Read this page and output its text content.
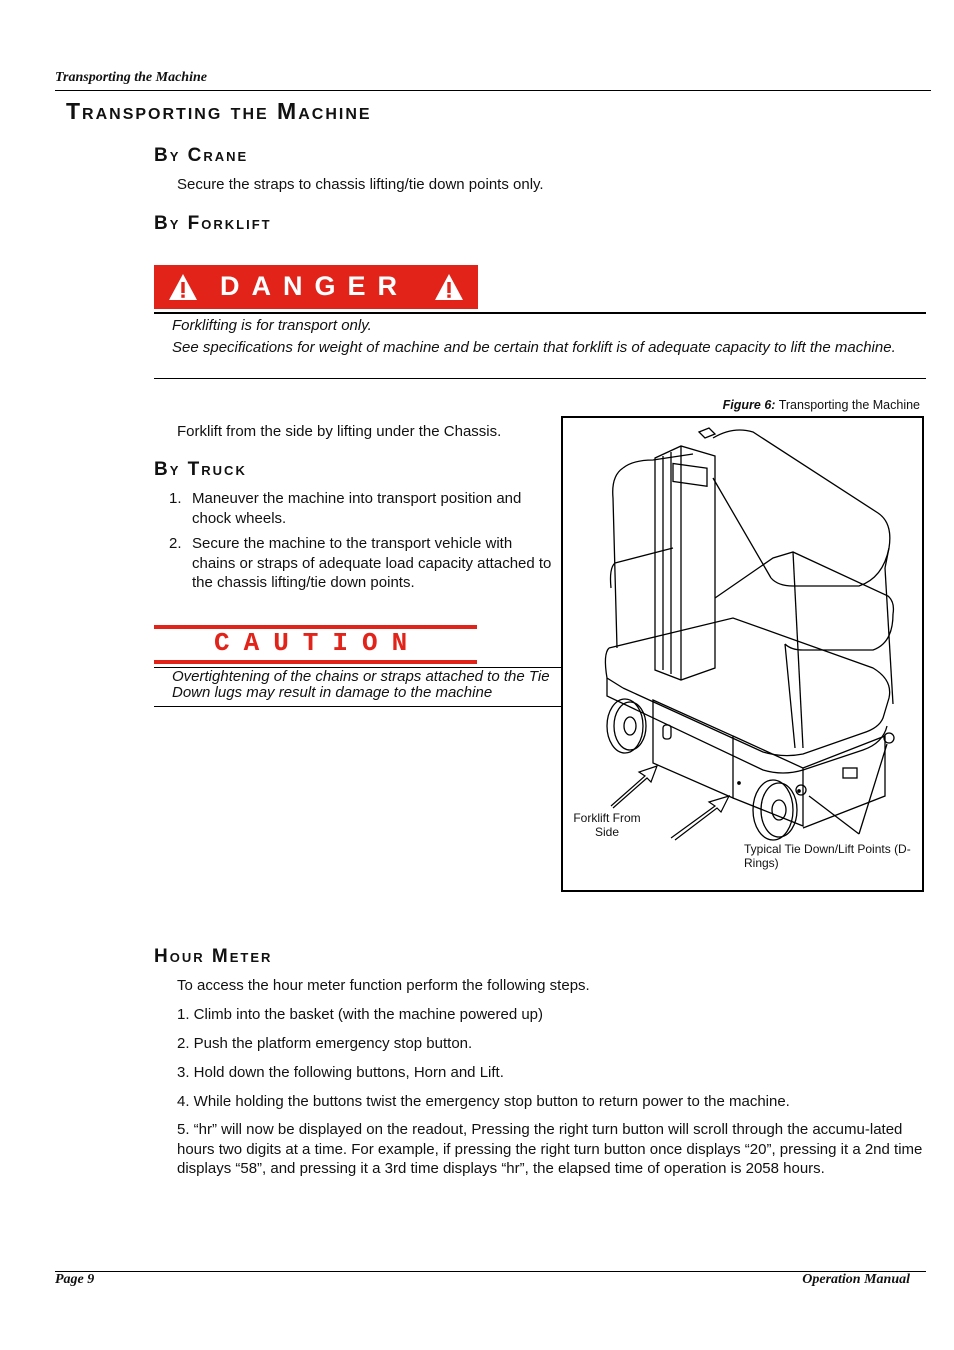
Transporting the Machine
Transporting the Machine
By Crane
Secure the straps to chassis lifting/tie down points only.
By Forklift
DANGER
Forklifting is for transport only.
See specifications for weight of machine and be certain that forklift is of adequate capacity to lift the machine.
Forklift from the side by lifting under the Chassis.
Figure 6: Transporting the Machine
Forklift From Side
Typical Tie Down/Lift Points (D-Rings)
By Truck
1. Maneuver the machine into transport position and chock wheels.
2. Secure the machine to the transport vehicle with chains or straps of adequate load capacity attached to the chassis lifting/tie down points.
CAUTION
Overtightening of the chains or straps attached to the Tie Down lugs may result in damage to the machine
Hour Meter
To access the hour meter function perform the following steps.
1. Climb into the basket (with the machine powered up)
2. Push the platform emergency stop button.
3. Hold down the following buttons, Horn and Lift.
4. While holding the buttons twist the emergency stop button to return power to the machine.
5. “hr” will now be displayed on the readout, Pressing the right turn button will scroll through the accumu-lated hours two digits at a time. For example, if pressing the right turn button once displays “20”, pressing it a 2nd time displays “58”, and pressing it a 3rd time displays “hr”, the elapsed time of operation is 2058 hours.
Page 9	Operation Manual
